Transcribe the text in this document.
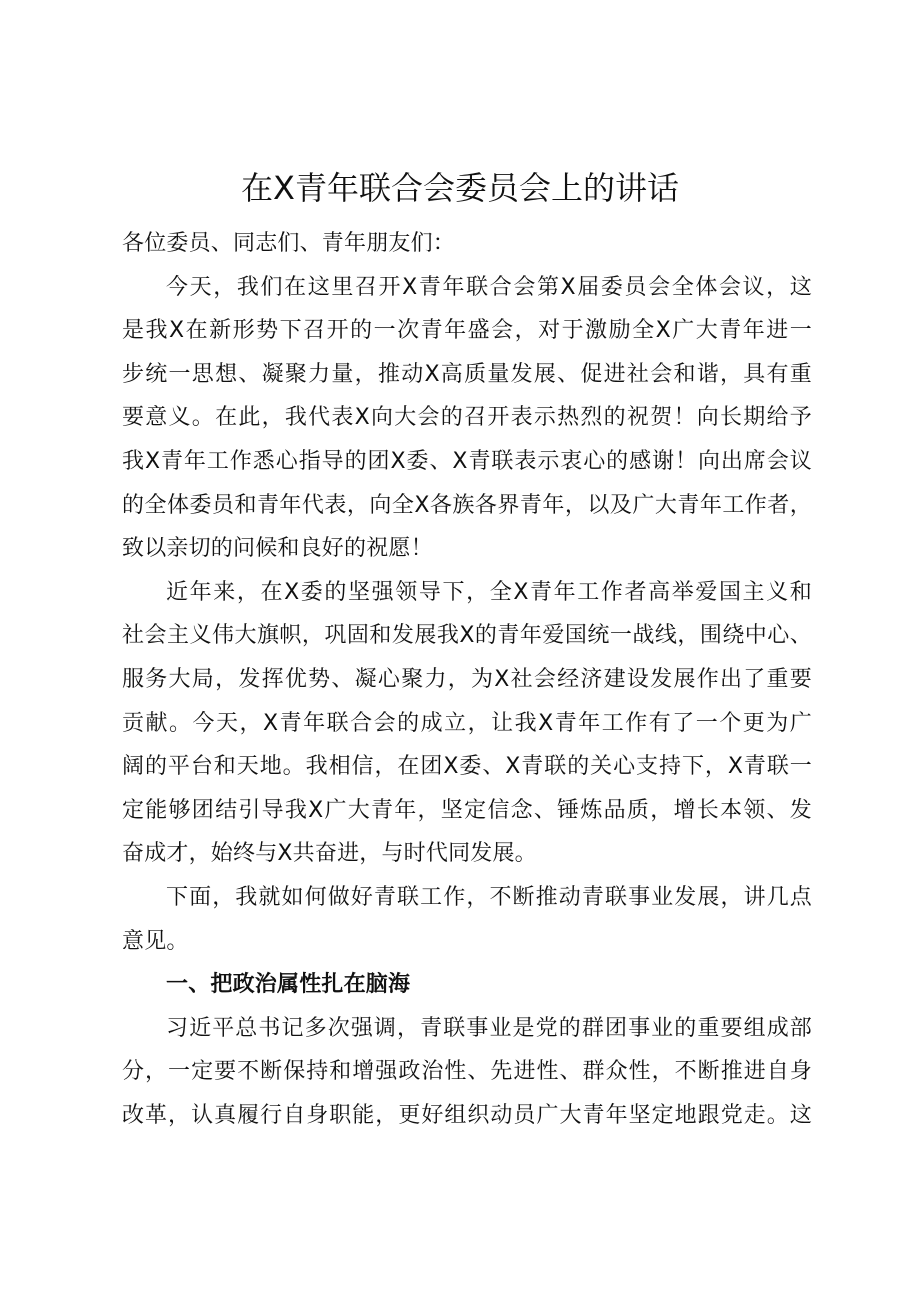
在X青年联合会委员会上的讲话
各位委员、同志们、青年朋友们：
今天，我们在这里召开X青年联合会第X届委员会全体会议，这
是我X在新形势下召开的一次青年盛会，对于激励全X广大青年进一
步统一思想、凝聚力量，推动X高质量发展、促进社会和谐，具有重
要意义。在此，我代表X向大会的召开表示热烈的祝贺！向长期给予
我X青年工作悉心指导的团X委、X青联表示衷心的感谢！向出席会议
的全体委员和青年代表，向全X各族各界青年，以及广大青年工作者，
致以亲切的问候和良好的祝愿！
近年来，在X委的坚强领导下，全X青年工作者高举爱国主义和
社会主义伟大旗帜，巩固和发展我X的青年爱国统一战线，围绕中心、
服务大局，发挥优势、凝心聚力，为X社会经济建设发展作出了重要
贡献。今天，X青年联合会的成立，让我X青年工作有了一个更为广
阔的平台和天地。我相信，在团X委、X青联的关心支持下，X青联一
定能够团结引导我X广大青年，坚定信念、锤炼品质，增长本领、发
奋成才，始终与X共奋进，与时代同发展。
下面，我就如何做好青联工作，不断推动青联事业发展，讲几点
意见。
一、把政治属性扎在脑海
习近平总书记多次强调，青联事业是党的群团事业的重要组成部
分，一定要不断保持和增强政治性、先进性、群众性，不断推进自身
改革，认真履行自身职能，更好组织动员广大青年坚定地跟党走。这
